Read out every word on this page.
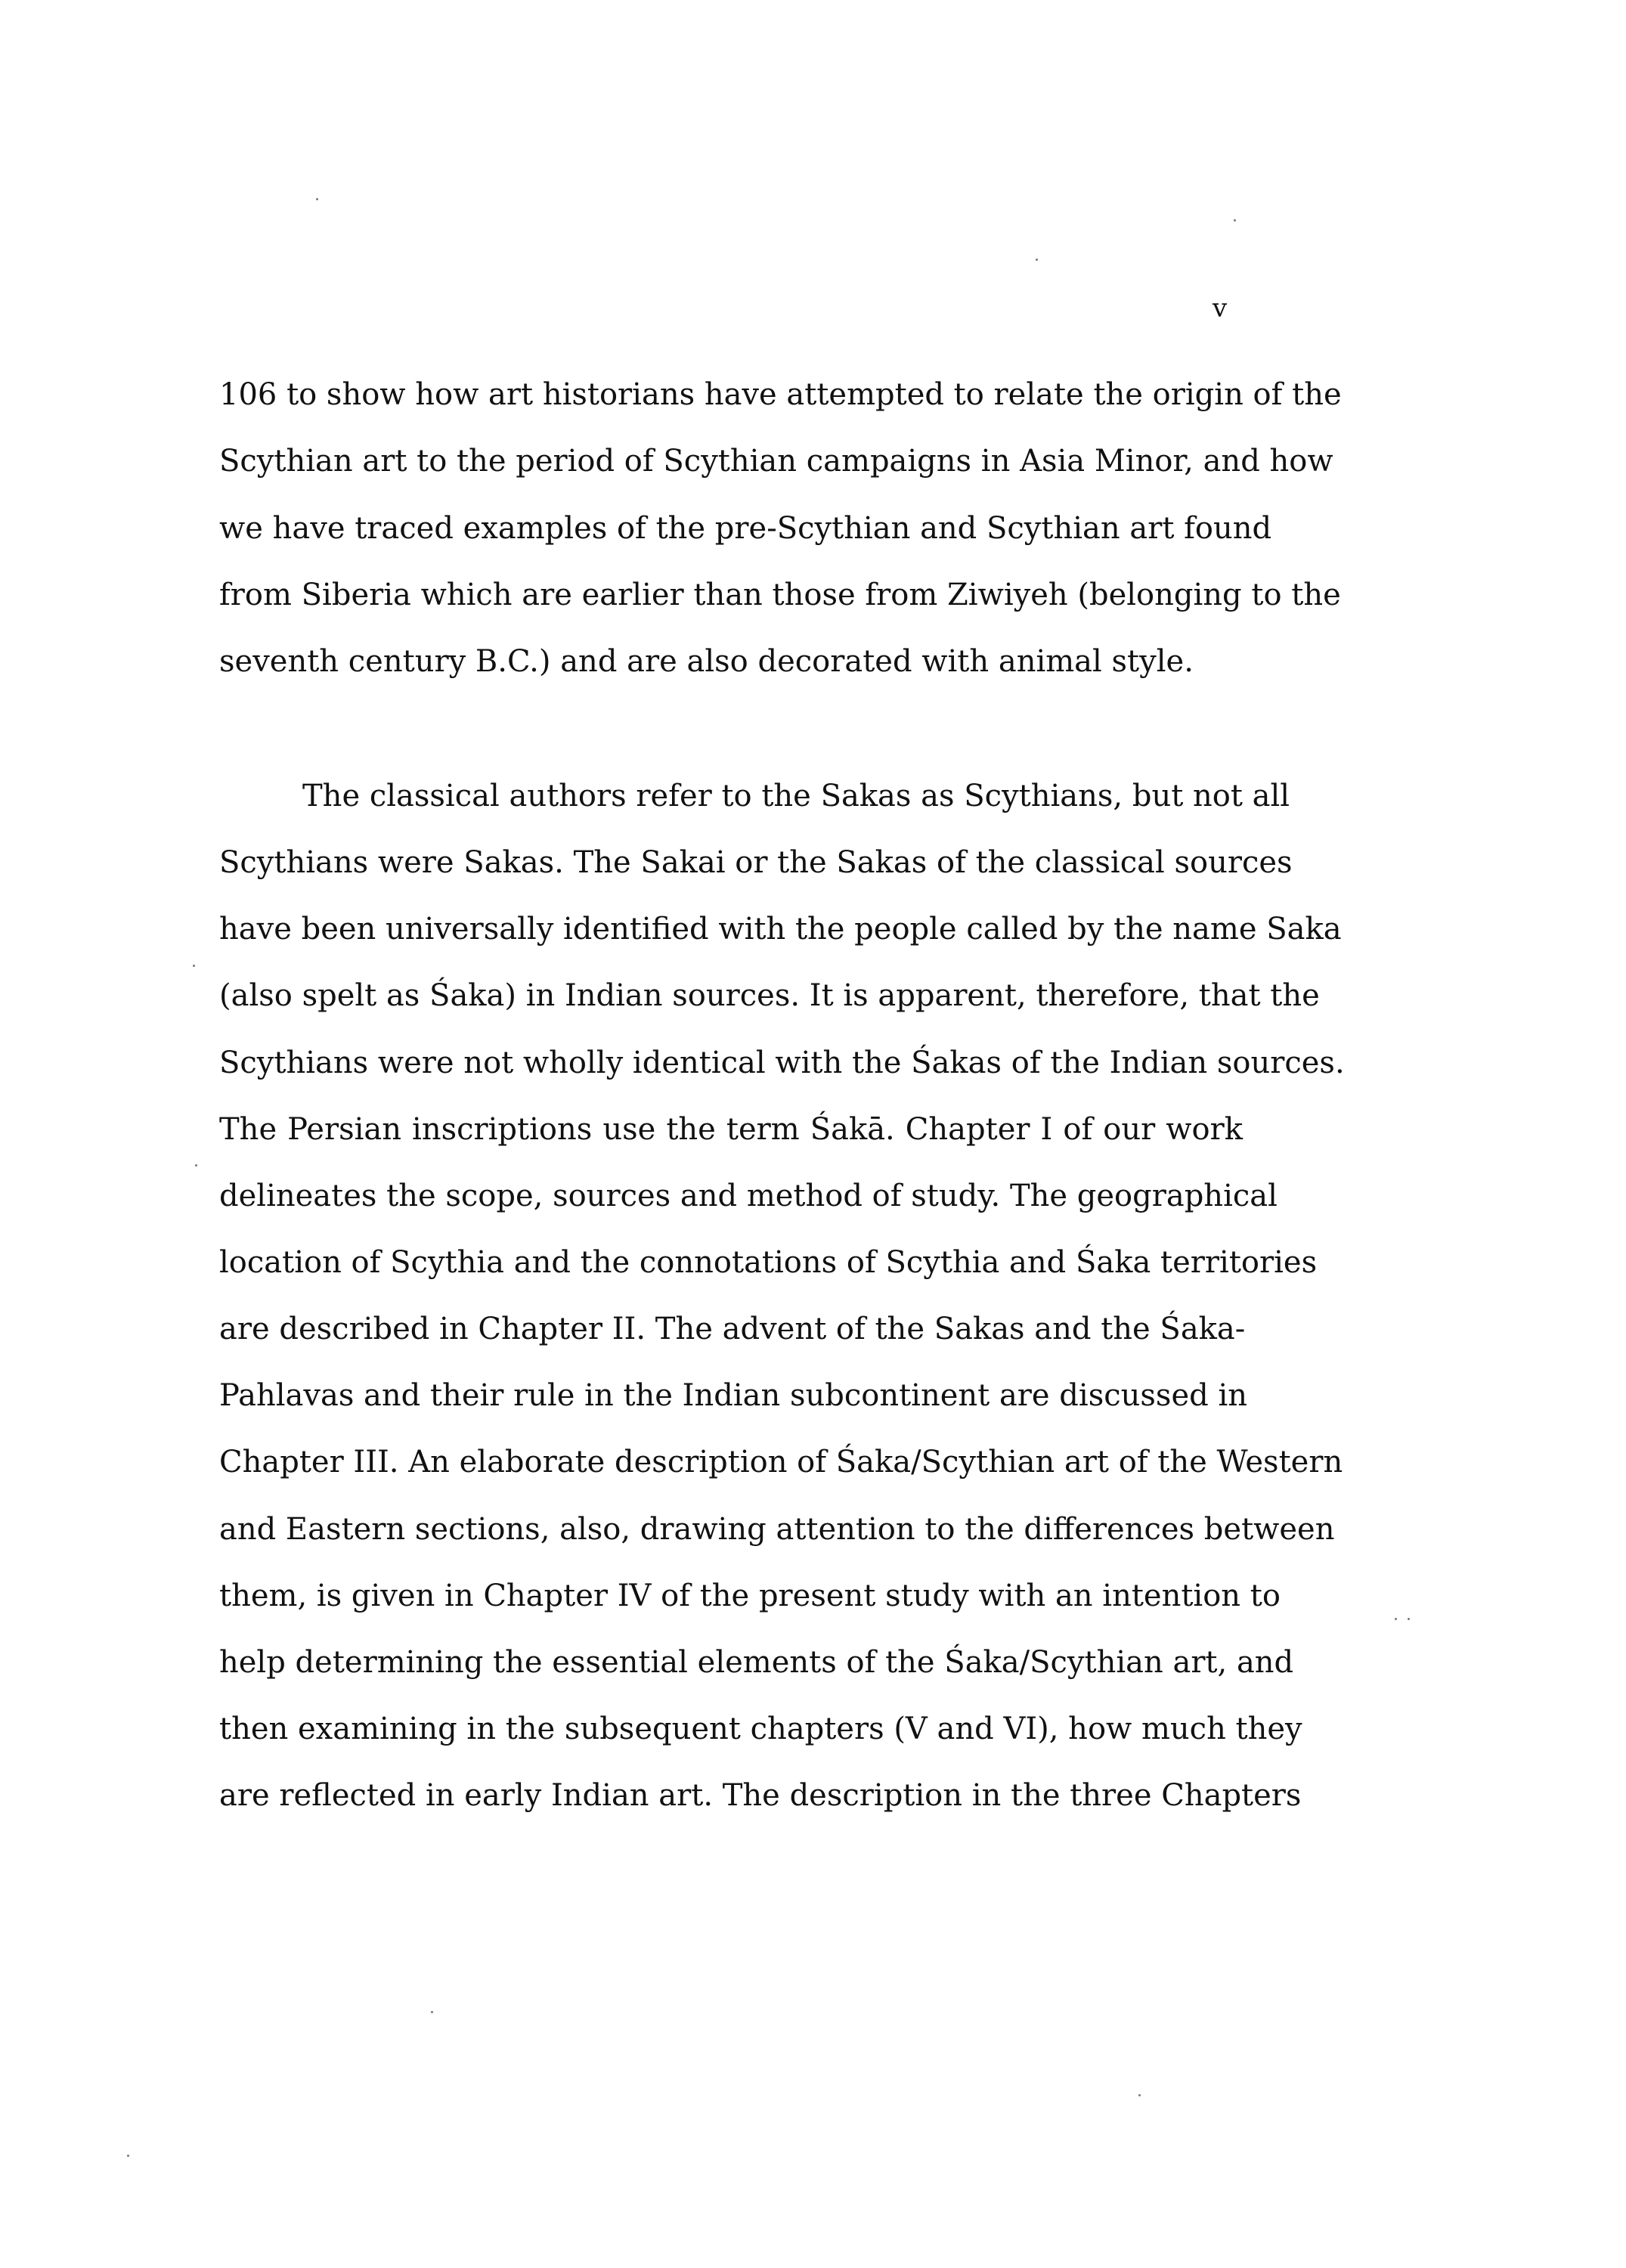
v
106 to show how art historians have attempted to relate the origin of the
Scythian art to the period of Scythian campaigns in Asia Minor, and how
we have traced examples of the pre-Scythian and Scythian art found
from Siberia which are earlier than those from Ziwiyeh (belonging to the
seventh century B.C.) and are also decorated with animal style.
The classical authors refer to the Sakas as Scythians, but not all
Scythians were Sakas. The Sakai or the Sakas of the classical sources
have been universally identified with the people called by the name Saka
(also spelt as Śaka) in Indian sources. It is apparent, therefore, that the
Scythians were not wholly identical with the Śakas of the Indian sources.
The Persian inscriptions use the term Śakā. Chapter I of our work
delineates the scope, sources and method of study. The geographical
location of Scythia and the connotations of Scythia and Śaka territories
are described in Chapter II. The advent of the Sakas and the Śaka-
Pahlavas and their rule in the Indian subcontinent are discussed in
Chapter III. An elaborate description of Śaka/Scythian art of the Western
and Eastern sections, also, drawing attention to the differences between
them, is given in Chapter IV of the present study with an intention to
help determining the essential elements of the Śaka/Scythian art, and
then examining in the subsequent chapters (V and VI), how much they
are reflected in early Indian art. The description in the three Chapters
